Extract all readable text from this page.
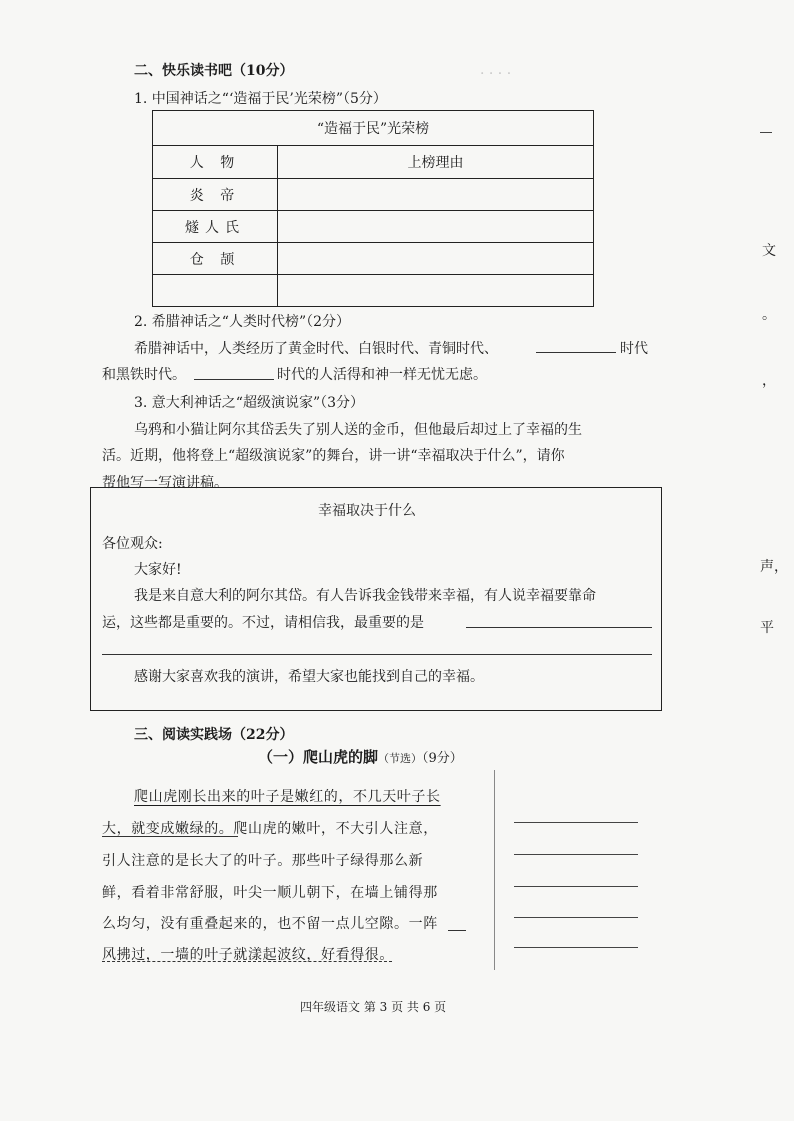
· · · ·
二、快乐读书吧（10分）
1. 中国神话之“‘造福于民’光荣榜”（5分）
“造福于民”光荣榜	
人 物	上榜理由
炎 帝	
燧人氏	
仓 颉	

2. 希腊神话之“人类时代榜”（2分）
希腊神话中，人类经历了黄金时代、白银时代、青铜时代、	时代
和黑铁时代。	时代的人活得和神一样无忧无虑。
3. 意大利神话之“超级演说家”（3分）
乌鸦和小猫让阿尔其岱丢失了别人送的金币，但他最后却过上了幸福的生
活。近期，他将登上“超级演说家”的舞台，讲一讲“幸福取决于什么”，请你
帮他写一写演讲稿。
幸福取决于什么
各位观众:
大家好!
我是来自意大利的阿尔其岱。有人告诉我金钱带来幸福，有人说幸福要靠命
运，这些都是重要的。不过，请相信我，最重要的是
感谢大家喜欢我的演讲，希望大家也能找到自己的幸福。
三、阅读实践场（22分）
（一）爬山虎的脚（节选）（9分）
爬山虎刚长出来的叶子是嫩红的，不几天叶子长
大，就变成嫩绿的。爬山虎的嫩叶，不大引人注意，
引人注意的是长大了的叶子。那些叶子绿得那么新
鲜，看着非常舒服，叶尖一顺儿朝下，在墙上铺得那
么均匀，没有重叠起来的，也不留一点儿空隙。一阵
风拂过，一墙的叶子就漾起波纹，好看得很。
四年级语文 第 3 页 共 6 页
文
。
，
声，
平
